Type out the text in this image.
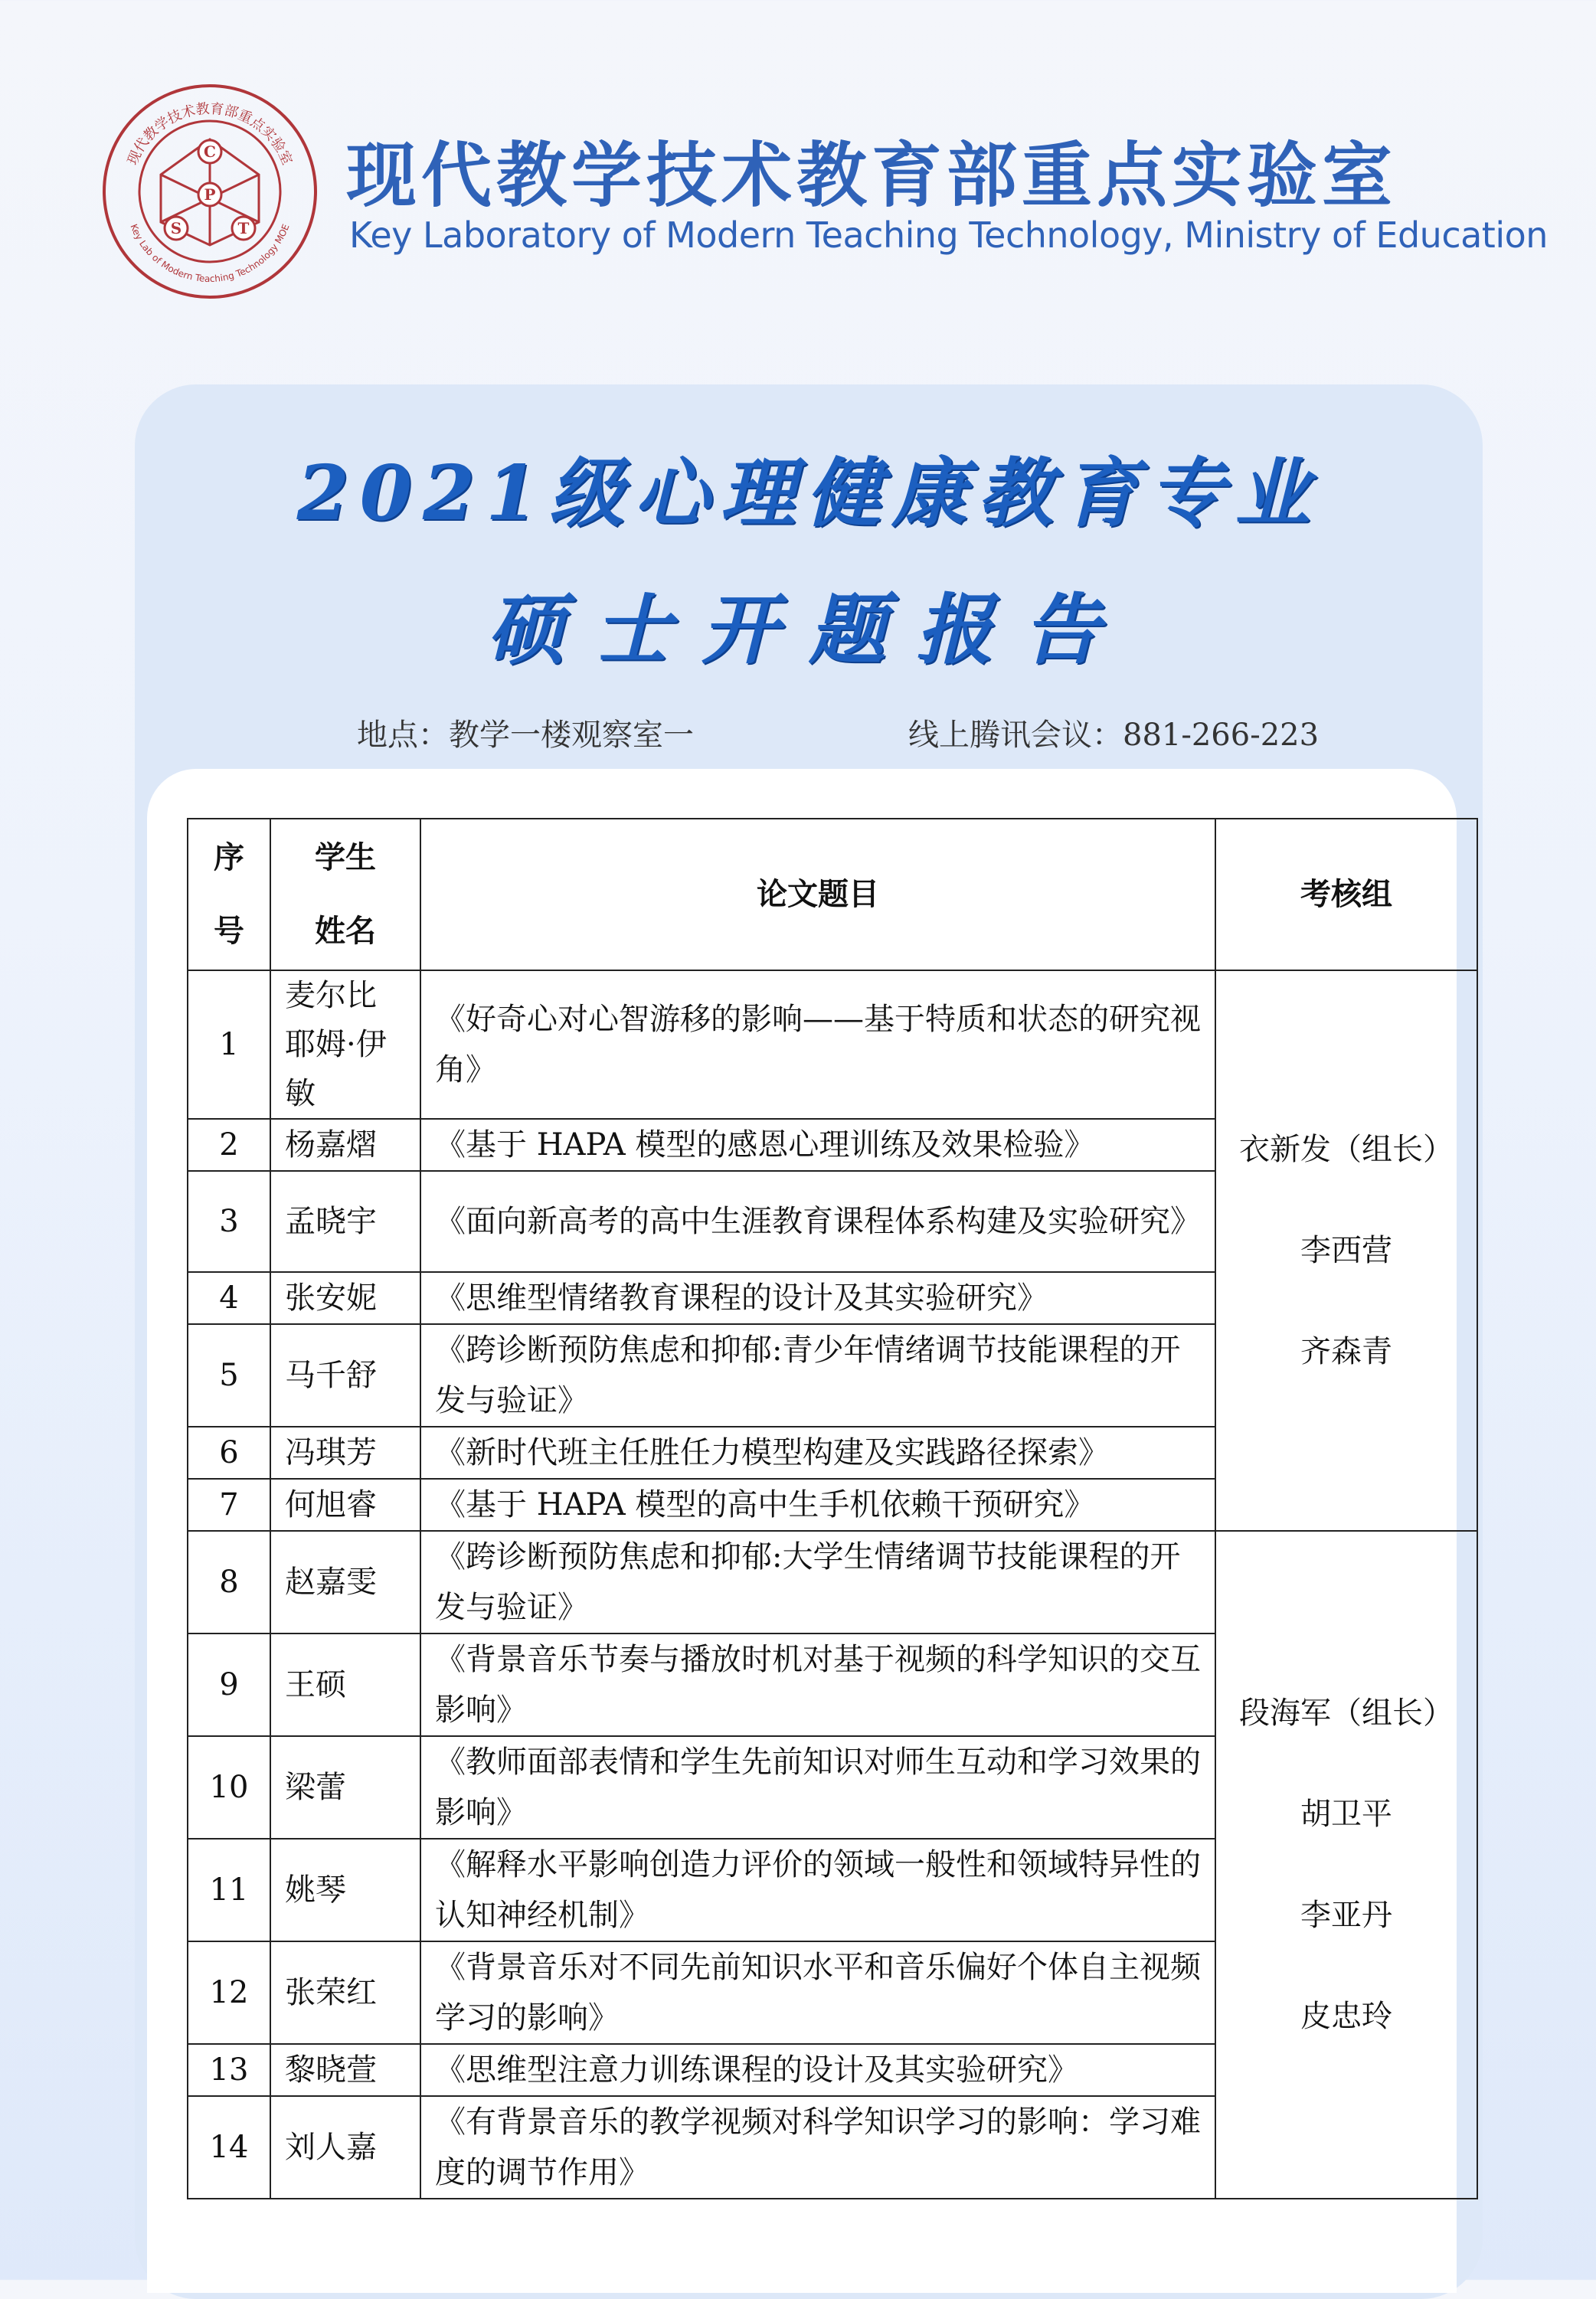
现代教学技术教育部重点实验室
Key Lab of Modern Teaching Technology MOE
C
P
S	T
现代教学技术教育部重点实验室
Key Laboratory of Modern Teaching Technology, Ministry of Education
2021级心理健康教育专业
硕士开题报告
地点：教学一楼观察室一	线上腾讯会议：881-266-223
序号	学生姓名	论文题目	考核组
1	麦尔比耶姆·伊敏	《好奇心对心智游移的影响——基于特质和状态的研究视角》	衣新发（组长）
李西营
齐森青

2	杨嘉熠	《基于 HAPA 模型的感恩心理训练及效果检验》	
3	孟晓宇	《面向新高考的高中生涯教育课程体系构建及实验研究》	
4	张安妮	《思维型情绪教育课程的设计及其实验研究》	
5	马千舒	《跨诊断预防焦虑和抑郁:青少年情绪调节技能课程的开发与验证》	
6	冯琪芳	《新时代班主任胜任力模型构建及实践路径探索》	
7	何旭睿	《基于 HAPA 模型的高中生手机依赖干预研究》	
8	赵嘉雯	《跨诊断预防焦虑和抑郁:大学生情绪调节技能课程的开发与验证》	段海军（组长）
胡卫平
李亚丹
皮忠玲

9	王硕	《背景音乐节奏与播放时机对基于视频的科学知识的交互影响》	
10	梁蕾	《教师面部表情和学生先前知识对师生互动和学习效果的影响》	
11	姚琴	《解释水平影响创造力评价的领域一般性和领域特异性的认知神经机制》	
12	张荣红	《背景音乐对不同先前知识水平和音乐偏好个体自主视频学习的影响》	
13	黎晓萱	《思维型注意力训练课程的设计及其实验研究》	
14	刘人嘉	《有背景音乐的教学视频对科学知识学习的影响：学习难度的调节作用》	
